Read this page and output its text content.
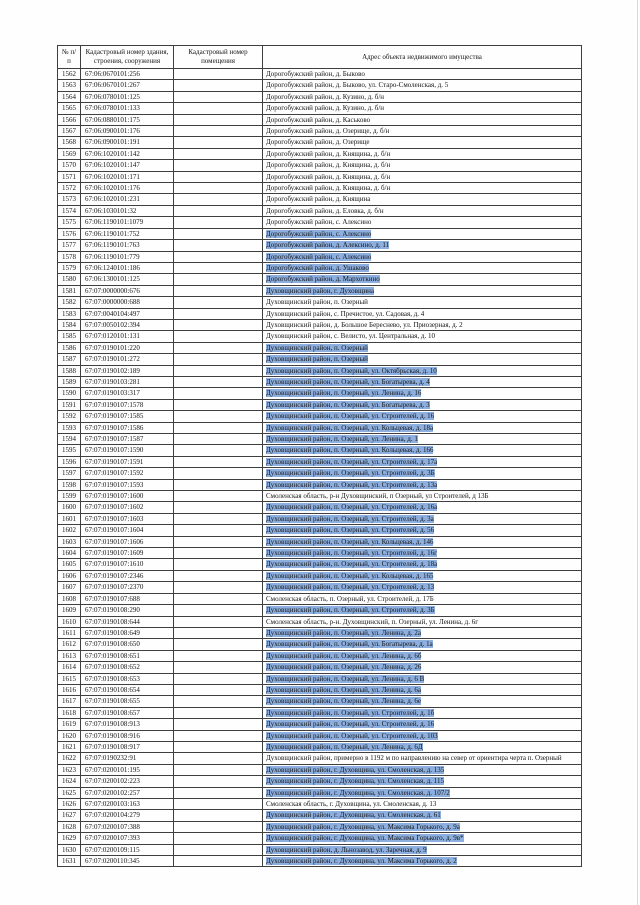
№ п/п	Кадастровый номер здания, строения, сооружения	Кадастровый номер помещения	Адрес объекта недвижимого имущества
1562	67:06:0670101:256		Дорогобужский район, д. Быково
1563	67:06:0670101:267		Дорогобужский район, д. Быково, ул. Старо-Смоленская, д. 5
1564	67:06:0780101:125		Дорогобужский район, д. Кузино, д. б/н
1565	67:06:0780101:133		Дорогобужский район, д. Кузино, д. б/н
1566	67:06:0880101:175		Дорогобужский район, д. Каськово
1567	67:06:0900101:176		Дорогобужский район, д. Озерище, д. б/н
1568	67:06:0900101:191		Дорогобужский район, д. Озерище
1569	67:06:1020101:142		Дорогобужский район, д. Княщина, д. б/н
1570	67:06:1020101:147		Дорогобужский район, д. Княщина, д. б/н
1571	67:06:1020101:171		Дорогобужский район, д. Княщина, д. б/н
1572	67:06:1020101:176		Дорогобужский район, д. Княщина, д. б/н
1573	67:06:1020101:231		Дорогобужский район, д. Княщина
1574	67:06:1030101:32		Дорогобужский район, д. Еловка, д. б/н
1575	67:06:1190101:1079		Дорогобужский район, с. Алексино
1576	67:06:1190101:752		Дорогобужский район, с. Алексино
1577	67:06:1190101:763		Дорогобужский район, д. Алексино, д. 11
1578	67:06:1190101:779		Дорогобужский район, с. Алексино
1579	67:06:1240101:186		Дорогобужский район, д. Ушаково
1580	67:06:1300101:125		Дорогобужский район, д. Мархоткино
1581	67:07:0000000:676		Духовщинский район, г. Духовщина
1582	67:07:0000000:688		Духовщинский район, п. Озерный
1583	67:07:0040104:497		Духовщинский район, с. Пречистое, ул. Садовая, д. 4
1584	67:07:0050102:394		Духовщинский район, д. Большое Береснево, ул. Приозерная, д. 2
1585	67:07:0120101:131		Духовщинский район, с. Велисто, ул. Центральная, д. 10
1586	67:07:0190101:220		Духовщинский район, п. Озерный
1587	67:07:0190101:272		Духовщинский район, п. Озерный
1588	67:07:0190102:189		Духовщинский район, п. Озерный, ул. Октябрьская, д. 10
1589	67:07:0190103:281		Духовщинский район, п. Озерный, ул. Богатырева, д. 4
1590	67:07:0190103:317		Духовщинский район, п. Озерный, ул. Ленина, д. 16
1591	67:07:0190107:1578		Духовщинский район, п. Озерный, ул. Богатырева, д. 3
1592	67:07:0190107:1585		Духовщинский район, п. Озерный, ул. Строителей, д. 16
1593	67:07:0190107:1586		Духовщинский район, п. Озерный, ул. Кольцевая, д. 18а
1594	67:07:0190107:1587		Духовщинский район, п. Озерный, ул. Ленина, д. 1
1595	67:07:0190107:1590		Духовщинский район, п. Озерный, ул. Кольцевая, д. 166
1596	67:07:0190107:1591		Духовщинский район, п. Озерный, ул. Строителей, д. 17а
1597	67:07:0190107:1592		Духовщинский район, п. Озерный, ул. Строителей, д. 3Б
1598	67:07:0190107:1593		Духовщинский район, п. Озерный, ул. Строителей, д. 13а
1599	67:07:0190107:1600		Смоленская область, р-н Духовщинский, п Озерный, ул Строителей, д 13Б
1600	67:07:0190107:1602		Духовщинский район, п. Озерный, ул. Строителей, д. 16а
1601	67:07:0190107:1603		Духовщинский район, п. Озерный, ул. Строителей, д. 3а
1602	67:07:0190107:1604		Духовщинский район, п. Озерный, ул. Строителей, д. 56
1603	67:07:0190107:1606		Духовщинский район, п. Озерный, ул. Кольцевая, д. 146
1604	67:07:0190107:1609		Духовщинский район, п. Озерный, ул. Строителей, д. 16г
1605	67:07:0190107:1610		Духовщинский район, п. Озерный, ул. Строителей, д. 18а
1606	67:07:0190107:2346		Духовщинский район, п. Озерный, ул. Кольцевая, д. 165
1607	67:07:0190107:2370		Духовщинский район, п. Озерный, ул. Строителей, д. 13
1608	67:07:0190107:688		Смоленская область, п. Озерный, ул. Строителей, д. 17Б
1609	67:07:0190108:290		Духовщинский район, п. Озерный, ул. Строителей, д. 3Б
1610	67:07:0190108:644		Смоленская область, р-н. Духовщинский, п. Озерный, ул. Ленина, д. 6г
1611	67:07:0190108:649		Духовщинский район, п. Озерный, ул. Ленина, д. 2а
1612	67:07:0190108:650		Духовщинский район, п. Озерный, ул. Богатырева, д. 1а
1613	67:07:0190108:651		Духовщинский район, п. Озерный, ул. Ленина, д. 6б
1614	67:07:0190108:652		Духовщинский район, п. Озерный, ул. Ленина, д. 26
1615	67:07:0190108:653		Духовщинский район, п. Озерный, ул. Ленина, д. 6 В
1616	67:07:0190108:654		Духовщинский район, п. Озерный, ул. Ленина, д. 6а
1617	67:07:0190108:655		Духовщинский район, п. Озерный, ул. Ленина, д. 6е
1618	67:07:0190108:657		Духовщинский район, п. Озерный, ул. Строителей, д. 1б
1619	67:07:0190108:913		Духовщинский район, п. Озерный, ул. Строителей, д. 16
1620	67:07:0190108:916		Духовщинский район, п. Озерный, ул. Строителей, д. 103
1621	67:07:0190108:917		Духовщинский район, п. Озерный, ул. Ленина, д. 6Д
1622	67:07:0190232:91		Духовщинский район, примерно в 1192 м по направлению на север от ориентира черта п. Озерный
1623	67:07:0200101:195		Духовщинский район, г. Духовщина, ул. Смоленская, д. 135
1624	67:07:0200102:223		Духовщинский район, г. Духовщина, ул. Смоленская, д. 115
1625	67:07:0200102:257		Духовщинский район, г. Духовщина, ул. Смоленская, д. 107/2
1626	67:07:0200103:163		Смоленская область, г. Духовщина, ул. Смоленская, д. 13
1627	67:07:0200104:279		Духовщинский район, г. Духовщина, ул. Смоленская, д. 61
1628	67:07:0200107:388		Духовщинский район, г. Духовщина, ул. Максима Горького, д. 9а
1629	67:07:0200107:393		Духовщинский район, г. Духовщина, ул. Максима Горького, д. 9в*
1630	67:07:0200109:115		Духовщинский район, д. Льнозавод, ул. Заречная, д. 9
1631	67:07:0200110:345		Духовщинский район, г. Духовщина, ул. Максима Горького, д. 2
